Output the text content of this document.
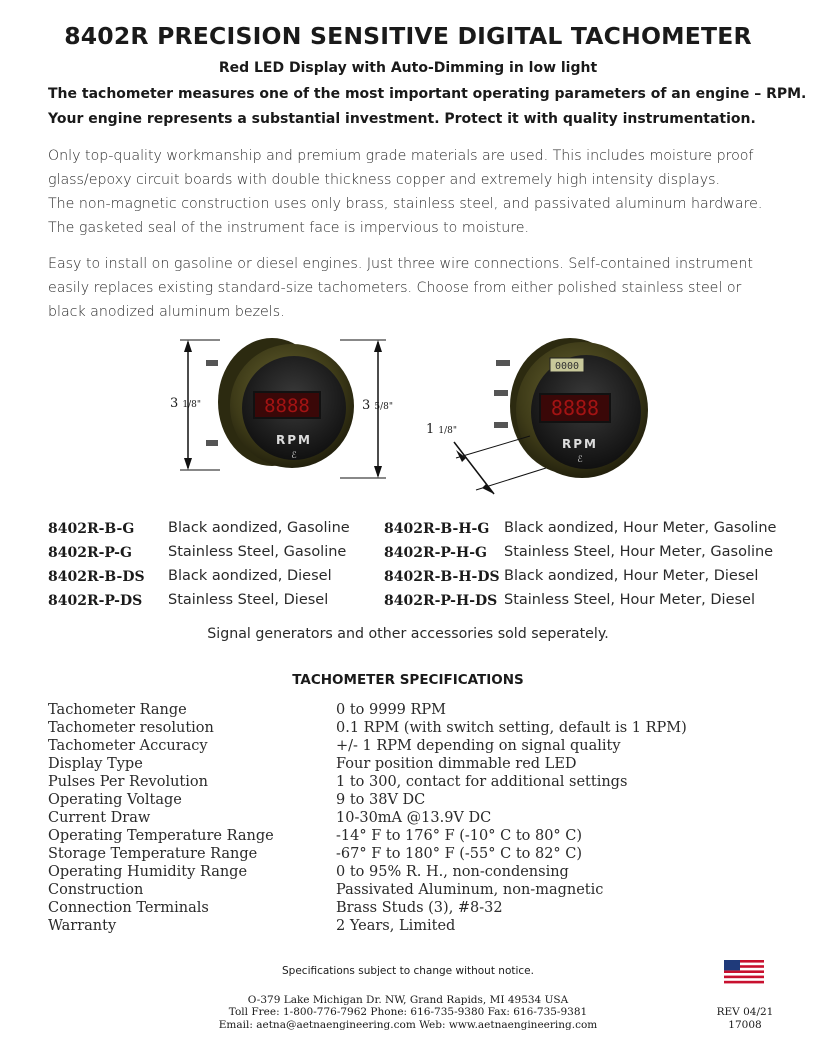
8402R PRECISION SENSITIVE DIGITAL TACHOMETER
Red LED Display with Auto-Dimming in low light
The tachometer measures one of the most important operating parameters of an engine – RPM.
Your engine represents a substantial investment. Protect it with quality instrumentation.
Only top-quality workmanship and premium grade materials are used. This includes moisture proof
glass/epoxy circuit boards with double thickness copper and extremely high intensity displays.
The non-magnetic construction uses only brass, stainless steel, and passivated aluminum hardware.
The gasketed seal of the instrument face is impervious to moisture.
Easy to install on gasoline or diesel engines. Just three wire connections. Self-contained instrument
easily replaces existing standard-size tachometers. Choose from either polished stainless steel or
black anodized aluminum bezels.
8888
RPM
ℰ
0000
8888
RPM
ℰ
3 1/8"	3 5/8"
1 1/8"
8402R-B-G Black aondized, Gasoline
8402R-P-G Stainless Steel, Gasoline
8402R-B-DS Black aondized, Diesel
8402R-P-DS Stainless Steel, Diesel
8402R-B-H-G Black aondized, Hour Meter, Gasoline
8402R-P-H-G Stainless Steel, Hour Meter, Gasoline
8402R-B-H-DS Black aondized, Hour Meter, Diesel
8402R-P-H-DS Stainless Steel, Hour Meter, Diesel
Signal generators and other accessories sold seperately.
TACHOMETER SPECIFICATIONS
Tachometer Range	0 to 9999 RPM
Tachometer resolution	0.1 RPM (with switch setting, default is 1 RPM)
Tachometer Accuracy	+/- 1 RPM depending on signal quality
Display Type	Four position dimmable red LED
Pulses Per Revolution	1 to 300, contact for additional settings
Operating Voltage	9 to 38V DC
Current Draw	10-30mA @13.9V DC
Operating Temperature Range	-14° F to 176° F (-10° C to 80° C)
Storage Temperature Range	-67° F to 180° F (-55° C to 82° C)
Operating Humidity Range	0 to 95% R. H., non-condensing
Construction	Passivated Aluminum, non-magnetic
Connection Terminals	Brass Studs (3), #8-32
Warranty	2 Years, Limited
Specifications subject to change without notice.
O-379 Lake Michigan Dr. NW, Grand Rapids, MI 49534 USA
Toll Free: 1-800-776-7962 Phone: 616-735-9380 Fax: 616-735-9381
Email: aetna@aetnaengineering.com Web: www.aetnaengineering.com
REV 04/21
17008
